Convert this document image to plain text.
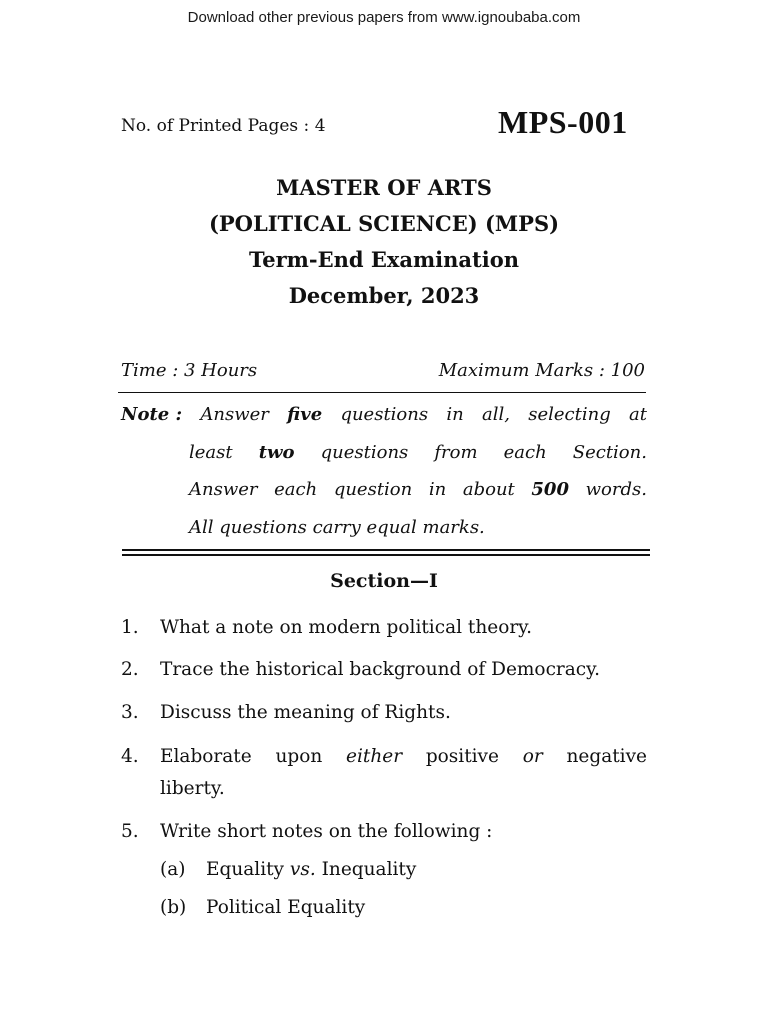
Download other previous papers from www.ignoubaba.com
No. of Printed Pages : 4	MPS-001
MASTER OF ARTS
(POLITICAL SCIENCE) (MPS)
Term-End Examination
December, 2023
Time : 3 Hours	Maximum Marks : 100
Note : Answer five questions in all, selecting at
least two questions from each Section.
Answer each question in about 500 words.
All questions carry equal marks.
Section—I
1. What a note on modern political theory.
2. Trace the historical background of Democracy.
3. Discuss the meaning of Rights.
4. Elaborate upon either positive or negative
liberty.
5. Write short notes on the following :
(a) Equality vs. Inequality
(b) Political Equality
